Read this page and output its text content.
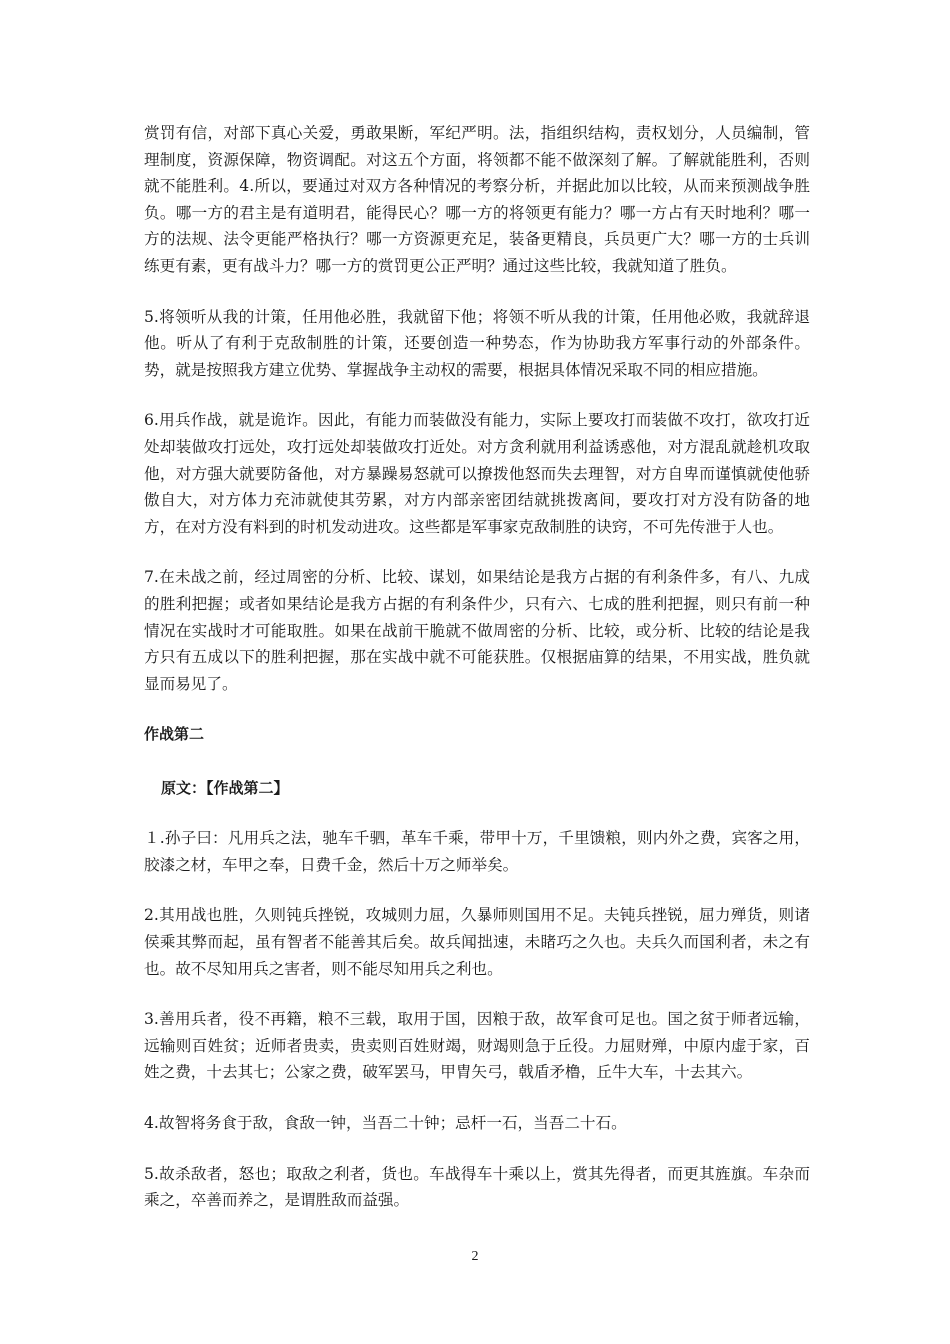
赏罚有信，对部下真心关爱，勇敢果断，军纪严明。法，指组织结构，责权划分，人员编制，管理制度，资源保障，物资调配。对这五个方面，将领都不能不做深刻了解。了解就能胜利，否则就不能胜利。4.所以，要通过对双方各种情况的考察分析，并据此加以比较，从而来预测战争胜负。哪一方的君主是有道明君，能得民心？哪一方的将领更有能力？哪一方占有天时地利？哪一方的法规、法令更能严格执行？哪一方资源更充足，装备更精良，兵员更广大？哪一方的士兵训练更有素，更有战斗力？哪一方的赏罚更公正严明？通过这些比较，我就知道了胜负。

5.将领听从我的计策，任用他必胜，我就留下他；将领不听从我的计策，任用他必败，我就辞退他。听从了有利于克敌制胜的计策，还要创造一种势态，作为协助我方军事行动的外部条件。势，就是按照我方建立优势、掌握战争主动权的需要，根据具体情况采取不同的相应措施。

6.用兵作战，就是诡诈。因此，有能力而装做没有能力，实际上要攻打而装做不攻打，欲攻打近处却装做攻打远处，攻打远处却装做攻打近处。对方贪利就用利益诱惑他，对方混乱就趁机攻取他，对方强大就要防备他，对方暴躁易怒就可以撩拨他怒而失去理智，对方自卑而谨慎就使他骄傲自大，对方体力充沛就使其劳累，对方内部亲密团结就挑拨离间，要攻打对方没有防备的地方，在对方没有料到的时机发动进攻。这些都是军事家克敌制胜的诀窍，不可先传泄于人也。

7.在未战之前，经过周密的分析、比较、谋划，如果结论是我方占据的有利条件多，有八、九成的胜利把握；或者如果结论是我方占据的有利条件少，只有六、七成的胜利把握，则只有前一种情况在实战时才可能取胜。如果在战前干脆就不做周密的分析、比较，或分析、比较的结论是我方只有五成以下的胜利把握，那在实战中就不可能获胜。仅根据庙算的结果，不用实战，胜负就显而易见了。

作战第二
原文：【作战第二】

１.孙子曰：凡用兵之法，驰车千驷，革车千乘，带甲十万，千里馈粮，则内外之费，宾客之用，胶漆之材，车甲之奉，日费千金，然后十万之师举矣。

2.其用战也胜，久则钝兵挫锐，攻城则力屈，久暴师则国用不足。夫钝兵挫锐，屈力殚货，则诸侯乘其弊而起，虽有智者不能善其后矣。故兵闻拙速，未睹巧之久也。夫兵久而国利者，未之有也。故不尽知用兵之害者，则不能尽知用兵之利也。

3.善用兵者，役不再籍，粮不三载，取用于国，因粮于敌，故军食可足也。国之贫于师者远输，远输则百姓贫；近师者贵卖，贵卖则百姓财竭，财竭则急于丘役。力屈财殚，中原内虚于家，百姓之费，十去其七；公家之费，破军罢马，甲胄矢弓，戟盾矛橹，丘牛大车，十去其六。

4.故智将务食于敌，食敌一钟，当吾二十钟；忌杆一石，当吾二十石。

5.故杀敌者，怒也；取敌之利者，货也。车战得车十乘以上，赏其先得者，而更其旌旗。车杂而乘之，卒善而养之，是谓胜敌而益强。

2
